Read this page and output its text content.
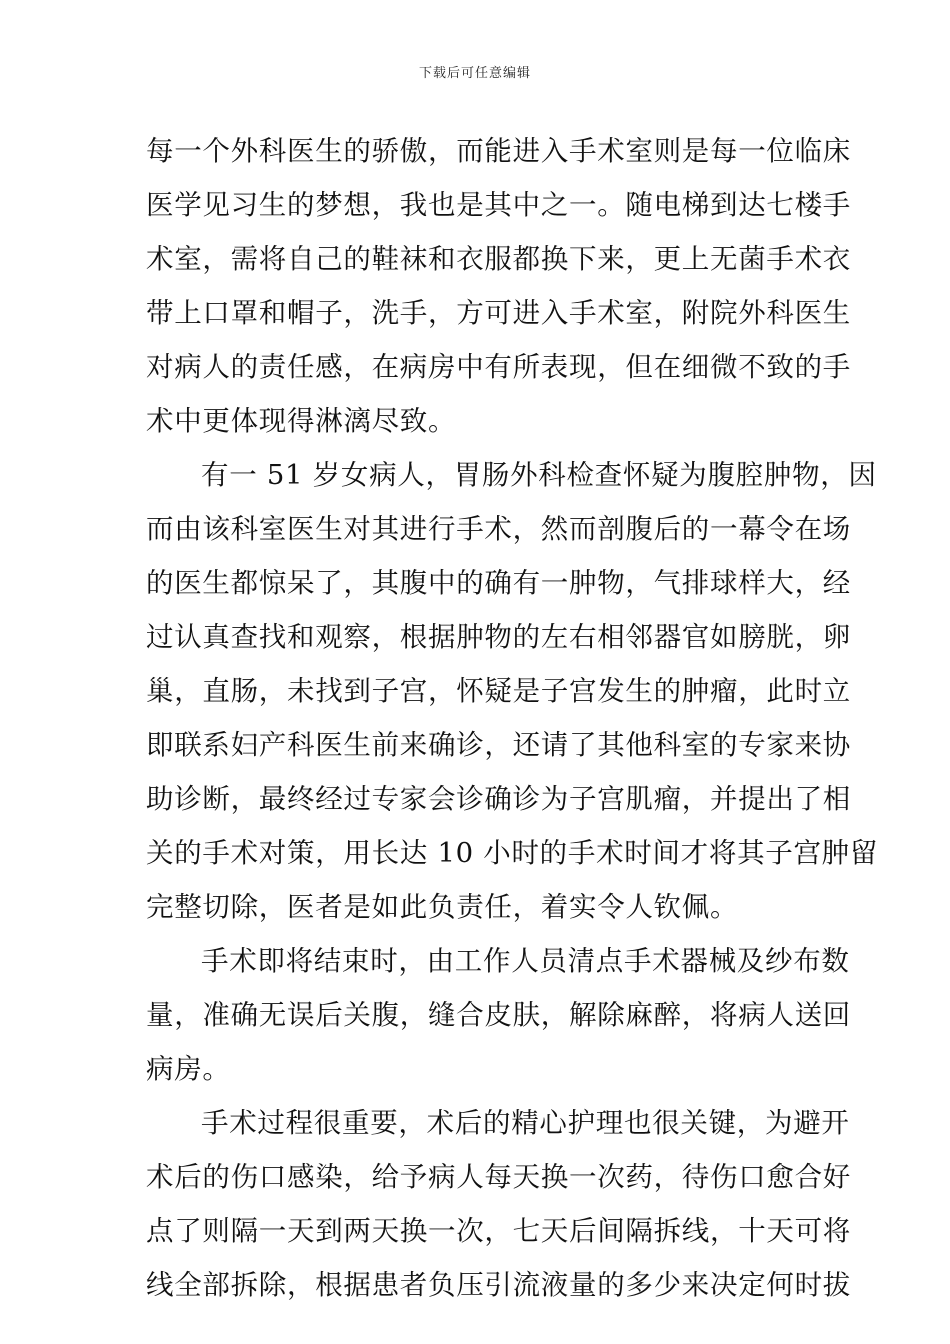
下载后可任意编辑
每一个外科医生的骄傲，而能进入手术室则是每一位临床
医学见习生的梦想，我也是其中之一。随电梯到达七楼手
术室，需将自己的鞋袜和衣服都换下来，更上无菌手术衣
带上口罩和帽子，洗手，方可进入手术室，附院外科医生
对病人的责任感，在病房中有所表现，但在细微不致的手
术中更体现得淋漓尽致。
有一 51 岁女病人，胃肠外科检查怀疑为腹腔肿物，因
而由该科室医生对其进行手术，然而剖腹后的一幕令在场
的医生都惊呆了，其腹中的确有一肿物，气排球样大，经
过认真查找和观察，根据肿物的左右相邻器官如膀胱，卵
巢，直肠，未找到子宫，怀疑是子宫发生的肿瘤，此时立
即联系妇产科医生前来确诊，还请了其他科室的专家来协
助诊断，最终经过专家会诊确诊为子宫肌瘤，并提出了相
关的手术对策，用长达 10 小时的手术时间才将其子宫肿留
完整切除，医者是如此负责任，着实令人钦佩。
手术即将结束时，由工作人员清点手术器械及纱布数
量，准确无误后关腹，缝合皮肤，解除麻醉，将病人送回
病房。
手术过程很重要，术后的精心护理也很关键，为避开
术后的伤口感染，给予病人每天换一次药，待伤口愈合好
点了则隔一天到两天换一次，七天后间隔拆线，十天可将
线全部拆除，根据患者负压引流液量的多少来决定何时拔
